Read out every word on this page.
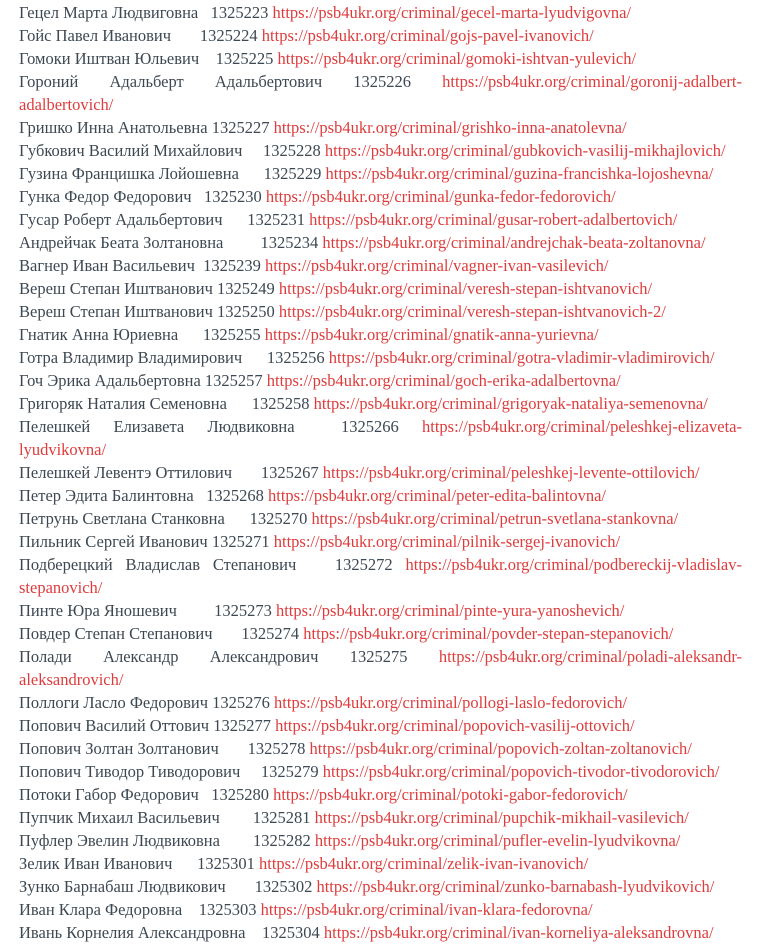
Гецел Марта Людвиговна 1325223 https://psb4ukr.org/criminal/gecel-marta-lyudvigovna/
Гойс Павел Иванович 1325224 https://psb4ukr.org/criminal/gojs-pavel-ivanovich/
Гомоки Иштван Юльевич 1325225 https://psb4ukr.org/criminal/gomoki-ishtvan-yulevich/
Гороний Адальберт Адальбертович 1325226 https://psb4ukr.org/criminal/goronij-adalbert-
adalbertovich/
Гришко Инна Анатольевна 1325227 https://psb4ukr.org/criminal/grishko-inna-anatolevna/
Губкович Василий Михайлович 1325228 https://psb4ukr.org/criminal/gubkovich-vasilij-mikhajlovich/
Гузина Францишка Лойошевна 1325229 https://psb4ukr.org/criminal/guzina-francishka-lojoshevna/
Гунка Федор Федорович 1325230 https://psb4ukr.org/criminal/gunka-fedor-fedorovich/
Гусар Роберт Адальбертович 1325231 https://psb4ukr.org/criminal/gusar-robert-adalbertovich/
Андрейчак Беата Золтановна 1325234 https://psb4ukr.org/criminal/andrejchak-beata-zoltanovna/
Вагнер Иван Васильевич 1325239 https://psb4ukr.org/criminal/vagner-ivan-vasilevich/
Вереш Степан Иштванович 1325249 https://psb4ukr.org/criminal/veresh-stepan-ishtvanovich/
Вереш Степан Иштванович 1325250 https://psb4ukr.org/criminal/veresh-stepan-ishtvanovich-2/
Гнатик Анна Юриевна 1325255 https://psb4ukr.org/criminal/gnatik-anna-yurievna/
Готра Владимир Владимирович 1325256 https://psb4ukr.org/criminal/gotra-vladimir-vladimirovich/
Гоч Эрика Адальбертовна 1325257 https://psb4ukr.org/criminal/goch-erika-adalbertovna/
Григоряк Наталия Семеновна 1325258 https://psb4ukr.org/criminal/grigoryak-nataliya-semenovna/
Пелешкей Елизавета Людвиковна	1325266 https://psb4ukr.org/criminal/peleshkej-elizaveta-
lyudvikovna/
Пелешкей Левентэ Оттилович 1325267 https://psb4ukr.org/criminal/peleshkej-levente-ottilovich/
Петер Эдита Балинтовна 1325268 https://psb4ukr.org/criminal/peter-edita-balintovna/
Петрунь Светлана Станковна 1325270 https://psb4ukr.org/criminal/petrun-svetlana-stankovna/
Пильник Сергей Иванович 1325271 https://psb4ukr.org/criminal/pilnik-sergej-ivanovich/
Подберецкий Владислав Степанович 1325272 https://psb4ukr.org/criminal/podbereckij-vladislav-
stepanovich/
Пинте Юра Яношевич 1325273 https://psb4ukr.org/criminal/pinte-yura-yanoshevich/
Повдер Степан Степанович 1325274 https://psb4ukr.org/criminal/povder-stepan-stepanovich/
Полади Александр Александрович 1325275 https://psb4ukr.org/criminal/poladi-aleksandr-
aleksandrovich/
Поллоги Ласло Федорович 1325276 https://psb4ukr.org/criminal/pollogi-laslo-fedorovich/
Попович Василий Оттович 1325277 https://psb4ukr.org/criminal/popovich-vasilij-ottovich/
Попович Золтан Золтанович 1325278 https://psb4ukr.org/criminal/popovich-zoltan-zoltanovich/
Попович Тиводор Тиводорович 1325279 https://psb4ukr.org/criminal/popovich-tivodor-tivodorovich/
Потоки Габор Федорович 1325280 https://psb4ukr.org/criminal/potoki-gabor-fedorovich/
Пупчик Михаил Васильевич 1325281 https://psb4ukr.org/criminal/pupchik-mikhail-vasilevich/
Пуфлер Эвелин Людвиковна 1325282 https://psb4ukr.org/criminal/pufler-evelin-lyudvikovna/
Зелик Иван Иванович 1325301 https://psb4ukr.org/criminal/zelik-ivan-ivanovich/
Зунко Барнабаш Людвикович 1325302 https://psb4ukr.org/criminal/zunko-barnabash-lyudvikovich/
Иван Клара Федоровна 1325303 https://psb4ukr.org/criminal/ivan-klara-fedorovna/
Ивань Корнелия Александровна 1325304 https://psb4ukr.org/criminal/ivan-korneliya-aleksandrovna/
